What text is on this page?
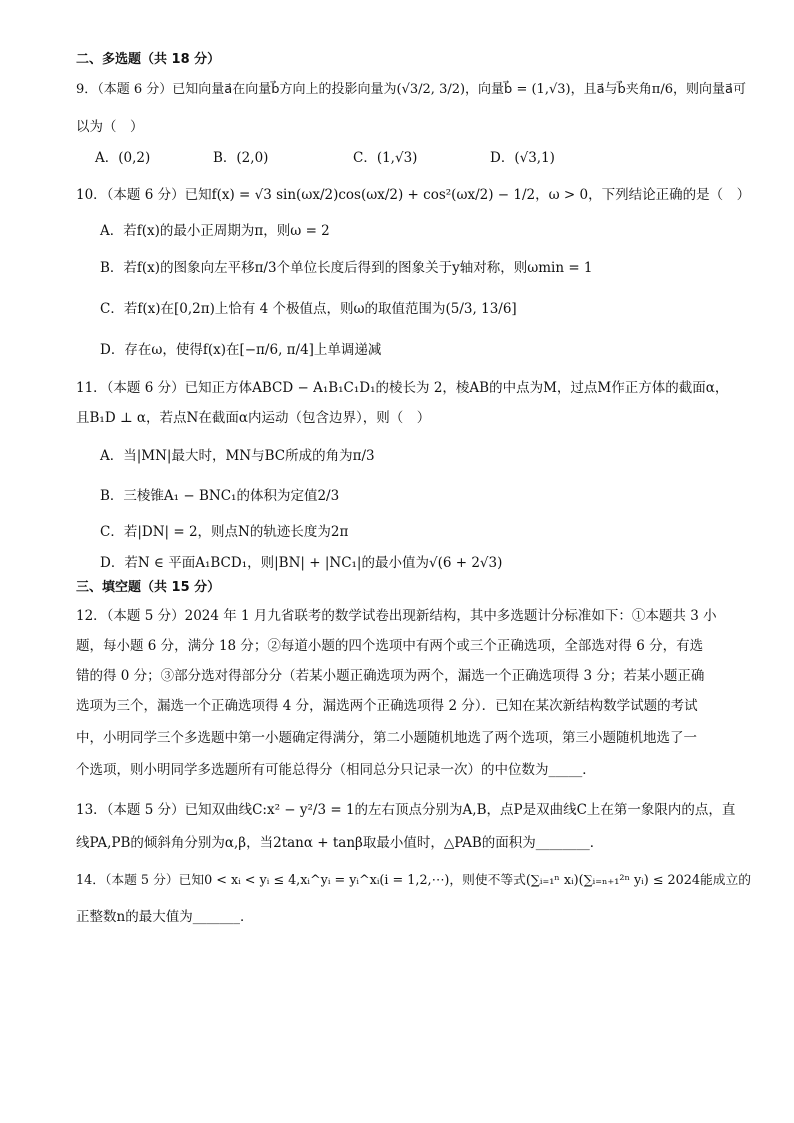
二、多选题（共 18 分）
9．（本题 6 分）已知向量a⃗在向量b⃗方向上的投影向量为(√3/2, 3/2)，向量b⃗ = (1,√3)，且a⃗与b⃗夹角π/6，则向量a⃗可
以为（　）
A．(0,2)	B．(2,0)	C．(1,√3)	D．(√3,1)
10．（本题 6 分）已知f(x) = √3 sin(ωx/2)cos(ωx/2) + cos²(ωx/2) − 1/2，ω > 0，下列结论正确的是（　）
A．若f(x)的最小正周期为π，则ω = 2
B．若f(x)的图象向左平移π/3个单位长度后得到的图象关于y轴对称，则ωmin = 1
C．若f(x)在[0,2π)上恰有 4 个极值点，则ω的取值范围为(5/3, 13/6]
D．存在ω，使得f(x)在[−π/6, π/4]上单调递减
11．（本题 6 分）已知正方体ABCD − A₁B₁C₁D₁的棱长为 2，棱AB的中点为M，过点M作正方体的截面α，
且B₁D ⊥ α，若点N在截面α内运动（包含边界），则（　）
A．当|MN|最大时，MN与BC所成的角为π/3
B．三棱锥A₁ − BNC₁的体积为定值2/3
C．若|DN| = 2，则点N的轨迹长度为2π
D．若N ∈ 平面A₁BCD₁，则|BN| + |NC₁|的最小值为√(6 + 2√3)
三、填空题（共 15 分）
12．（本题 5 分）2024 年 1 月九省联考的数学试卷出现新结构，其中多选题计分标准如下：①本题共 3 小
题，每小题 6 分，满分 18 分；②每道小题的四个选项中有两个或三个正确选项，全部选对得 6 分，有选
错的得 0 分；③部分选对得部分分（若某小题正确选项为两个，漏选一个正确选项得 3 分；若某小题正确
选项为三个，漏选一个正确选项得 4 分，漏选两个正确选项得 2 分）．已知在某次新结构数学试题的考试
中，小明同学三个多选题中第一小题确定得满分，第二小题随机地选了两个选项，第三小题随机地选了一
个选项，则小明同学多选题所有可能总得分（相同总分只记录一次）的中位数为_____．
13．（本题 5 分）已知双曲线C:x² − y²/3 = 1的左右顶点分别为A,B，点P是双曲线C上在第一象限内的点，直
线PA,PB的倾斜角分别为α,β，当2tanα + tanβ取最小值时，△PAB的面积为________．
14．（本题 5 分）已知0 < xᵢ < yᵢ ≤ 4,xᵢ^yᵢ = yᵢ^xᵢ(i = 1,2,⋯)，则使不等式(∑ᵢ₌₁ⁿ xᵢ)(∑ᵢ₌ₙ₊₁²ⁿ yᵢ) ≤ 2024能成立的
正整数n的最大值为_______．
